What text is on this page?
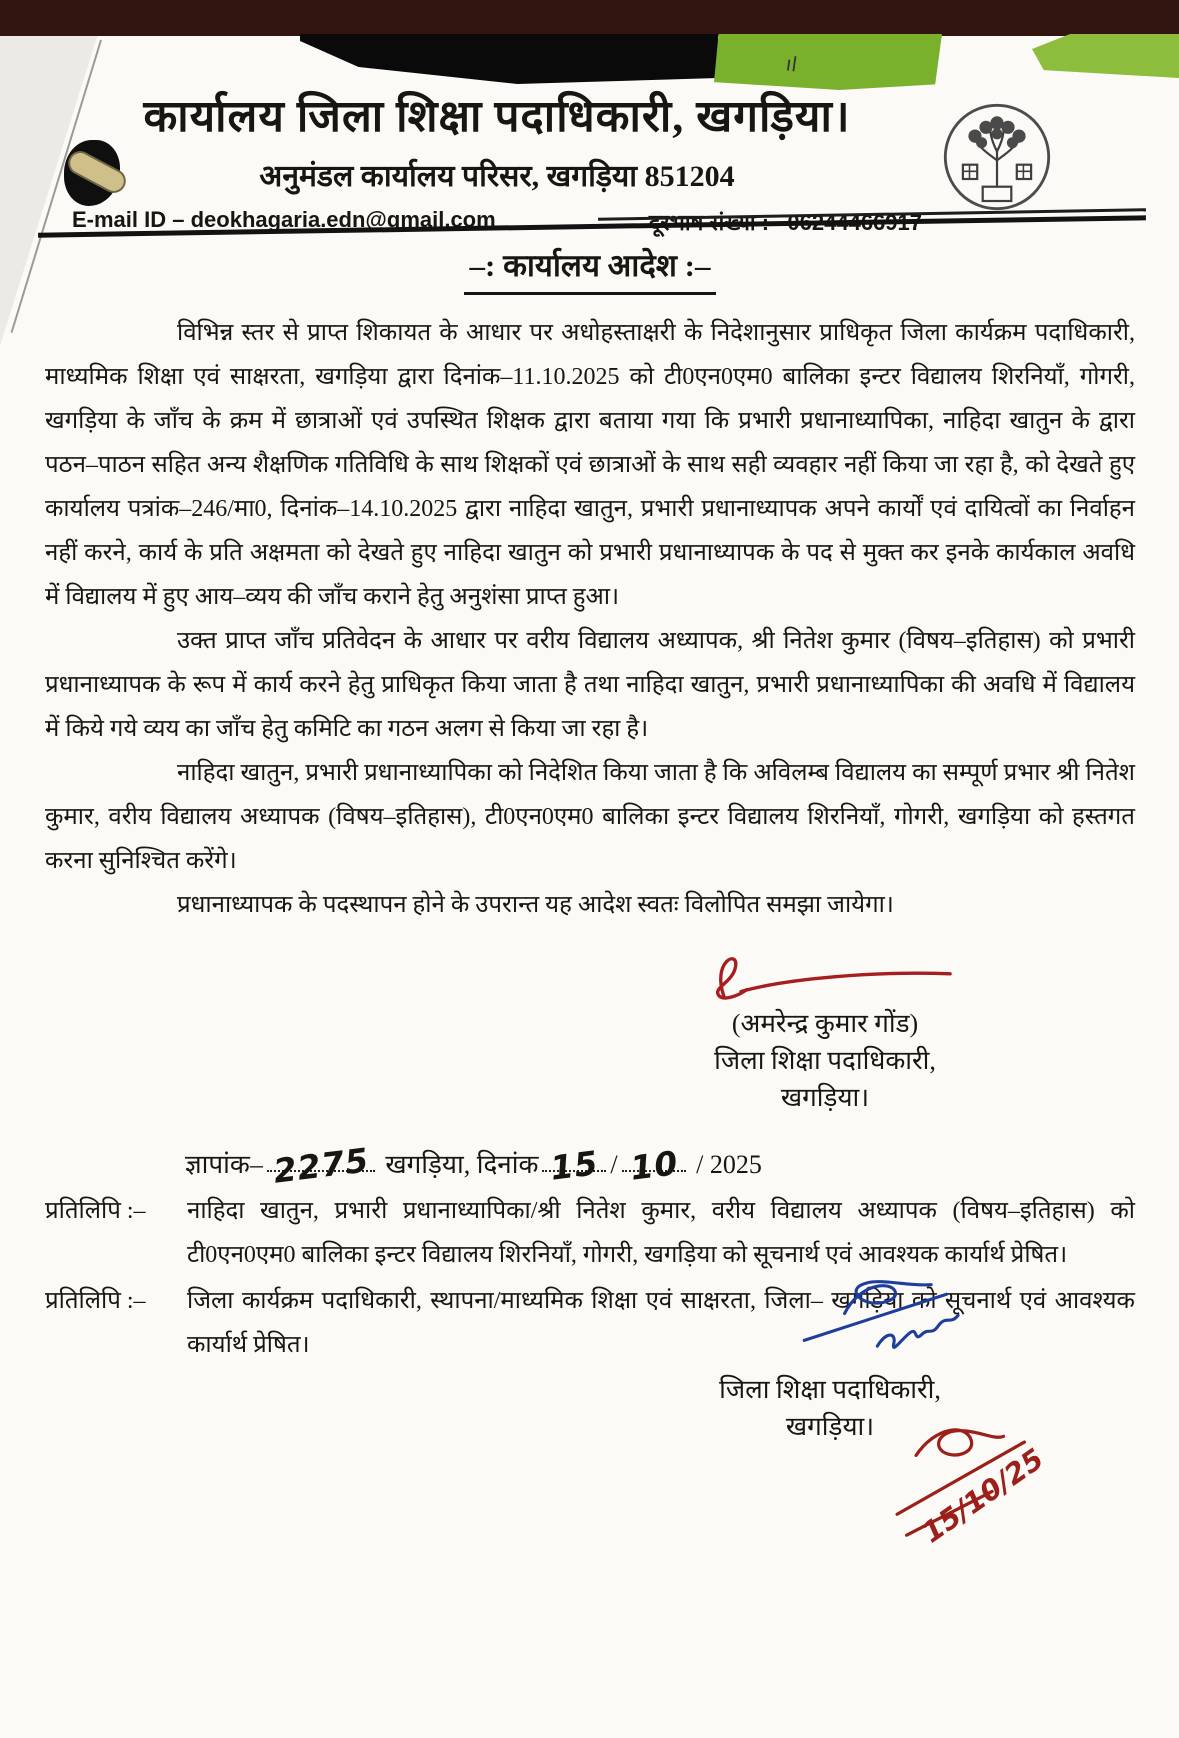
ıl
कार्यालय जिला शिक्षा पदाधिकारी, खगड़िया।
अनुमंडल कार्यालय परिसर, खगड़िया 851204
E-mail ID – deokhagaria.edn@gmail.com
–: कार्यालय आदेश :–

विभिन्न स्तर से प्राप्त शिकायत के आधार पर अधोहस्ताक्षरी के निदेशानुसार प्राधिकृत जिला कार्यक्रम पदाधिकारी, माध्यमिक शिक्षा एवं साक्षरता, खगड़िया द्वारा दिनांक–11.10.2025 को टी0एन0एम0 बालिका इन्टर विद्यालय शिरनियाँ, गोगरी, खगड़िया के जाँच के क्रम में छात्राओं एवं उपस्थित शिक्षक द्वारा बताया गया कि प्रभारी प्रधानाध्यापिका, नाहिदा खातुन के द्वारा पठन–पाठन सहित अन्य शैक्षणिक गतिविधि के साथ शिक्षकों एवं छात्राओं के साथ सही व्यवहार नहीं किया जा रहा है, को देखते हुए कार्यालय पत्रांक–246/मा0, दिनांक–14.10.2025 द्वारा नाहिदा खातुन, प्रभारी प्रधानाध्यापक अपने कार्यों एवं दायित्वों का निर्वाहन नहीं करने, कार्य के प्रति अक्षमता को देखते हुए नाहिदा खातुन को प्रभारी प्रधानाध्यापक के पद से मुक्त कर इनके कार्यकाल अवधि में विद्यालय में हुए आय–व्यय की जाँच कराने हेतु अनुशंसा प्राप्त हुआ।

उक्त प्राप्त जाँच प्रतिवेदन के आधार पर वरीय विद्यालय अध्यापक, श्री नितेश कुमार (विषय–इतिहास) को प्रभारी प्रधानाध्यापक के रूप में कार्य करने हेतु प्राधिकृत किया जाता है तथा नाहिदा खातुन, प्रभारी प्रधानाध्यापिका की अवधि में विद्यालय में किये गये व्यय का जाँच हेतु कमिटि का गठन अलग से किया जा रहा है।

नाहिदा खातुन, प्रभारी प्रधानाध्यापिका को निदेशित किया जाता है कि अविलम्ब विद्यालय का सम्पूर्ण प्रभार श्री नितेश कुमार, वरीय विद्यालय अध्यापक (विषय–इतिहास), टी0एन0एम0 बालिका इन्टर विद्यालय शिरनियाँ, गोगरी, खगड़िया को हस्तगत करना सुनिश्चित करेंगे।

प्रधानाध्यापक के पदस्थापन होने के उपरान्त यह आदेश स्वतः विलोपित समझा जायेगा।

(अमरेन्द्र कुमार गोंड)
जिला शिक्षा पदाधिकारी,
खगड़िया।
ज्ञापांक– 2275 खगड़िया, दिनांक 15 / 10 / 2025
प्रतिलिपि :–	नाहिदा खातुन, प्रभारी प्रधानाध्यापिका/श्री नितेश कुमार, वरीय विद्यालय अध्यापक (विषय–इतिहास) को टी0एन0एम0 बालिका इन्टर विद्यालय शिरनियाँ, गोगरी, खगड़िया को सूचनार्थ एवं आवश्यक कार्यार्थ प्रेषित।
प्रतिलिपि :–	जिला कार्यक्रम पदाधिकारी, स्थापना/माध्यमिक शिक्षा एवं साक्षरता, जिला– खगड़िया को सूचनार्थ एवं आवश्यक कार्यार्थ प्रेषित।
जिला शिक्षा पदाधिकारी,
खगड़िया।
15/10/25
